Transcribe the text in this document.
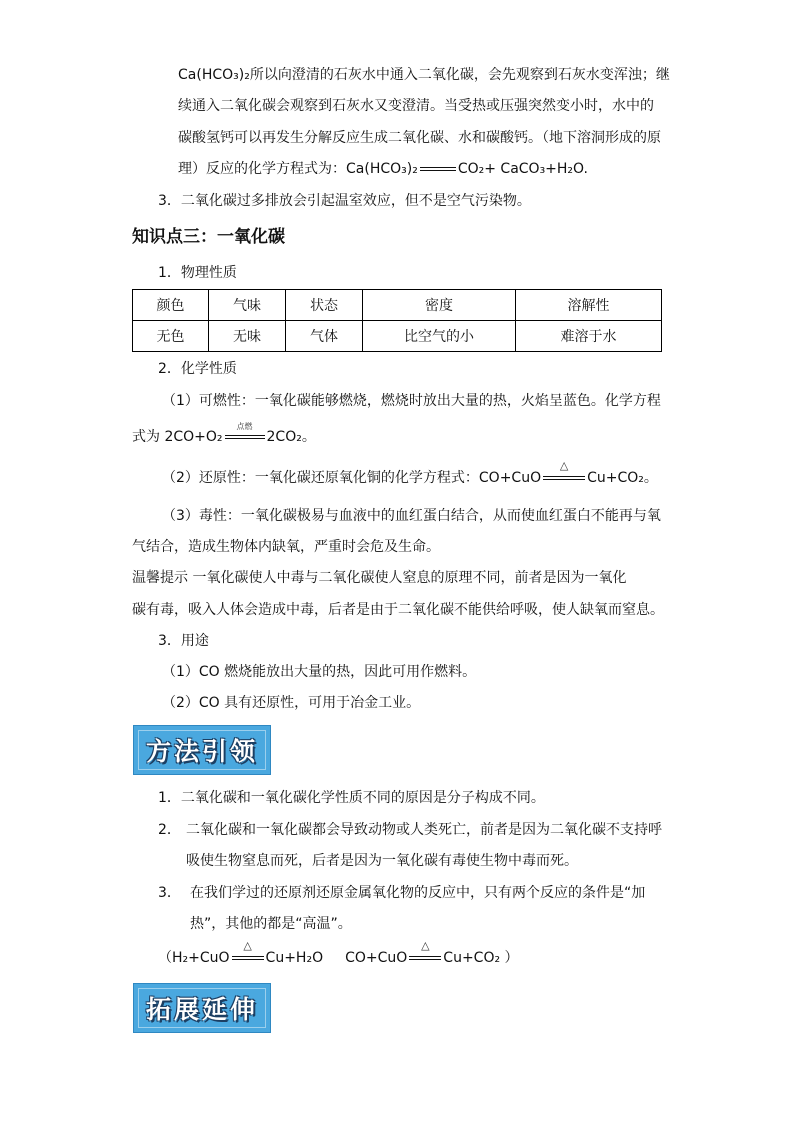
Ca(HCO₃)₂所以向澄清的石灰水中通入二氧化碳，会先观察到石灰水变浑浊；继
续通入二氧化碳会观察到石灰水又变澄清。当受热或压强突然变小时，水中的
碳酸氢钙可以再发生分解反应生成二氧化碳、水和碳酸钙。（地下溶洞形成的原
理）反应的化学方程式为：Ca(HCO₃)₂	CO₂+ CaCO₃+H₂O.
3．二氧化碳过多排放会引起温室效应，但不是空气污染物。
知识点三：一氧化碳
1．物理性质
颜色	气味	状态	密度	溶解性
无色	无味	气体	比空气的小	难溶于水
2．化学性质
（1）可燃性：一氧化碳能够燃烧，燃烧时放出大量的热，火焰呈蓝色。化学方程
式为 2CO+O₂
点燃
2CO₂。
（2）还原性：一氧化碳还原氧化铜的化学方程式：CO+CuO
△
Cu+CO₂。
（3）毒性：一氧化碳极易与血液中的血红蛋白结合，从而使血红蛋白不能再与氧
气结合，造成生物体内缺氧，严重时会危及生命。
温馨提示 一氧化碳使人中毒与二氧化碳使人窒息的原理不同，前者是因为一氧化
碳有毒，吸入人体会造成中毒，后者是由于二氧化碳不能供给呼吸，使人缺氧而窒息。
3．用途
（1）CO 燃烧能放出大量的热，因此可用作燃料。
（2）CO 具有还原性，可用于冶金工业。
方法引领
1．二氧化碳和一氧化碳化学性质不同的原因是分子构成不同。
2． 二氧化碳和一氧化碳都会导致动物或人类死亡，前者是因为二氧化碳不支持呼
吸使生物窒息而死，后者是因为一氧化碳有毒使生物中毒而死。
3． 在我们学过的还原剂还原金属氧化物的反应中，只有两个反应的条件是“加
热”，其他的都是“高温”。
（H₂+CuO
△
Cu+H₂O CO+CuO
△
Cu+CO₂ ）
拓展延伸
